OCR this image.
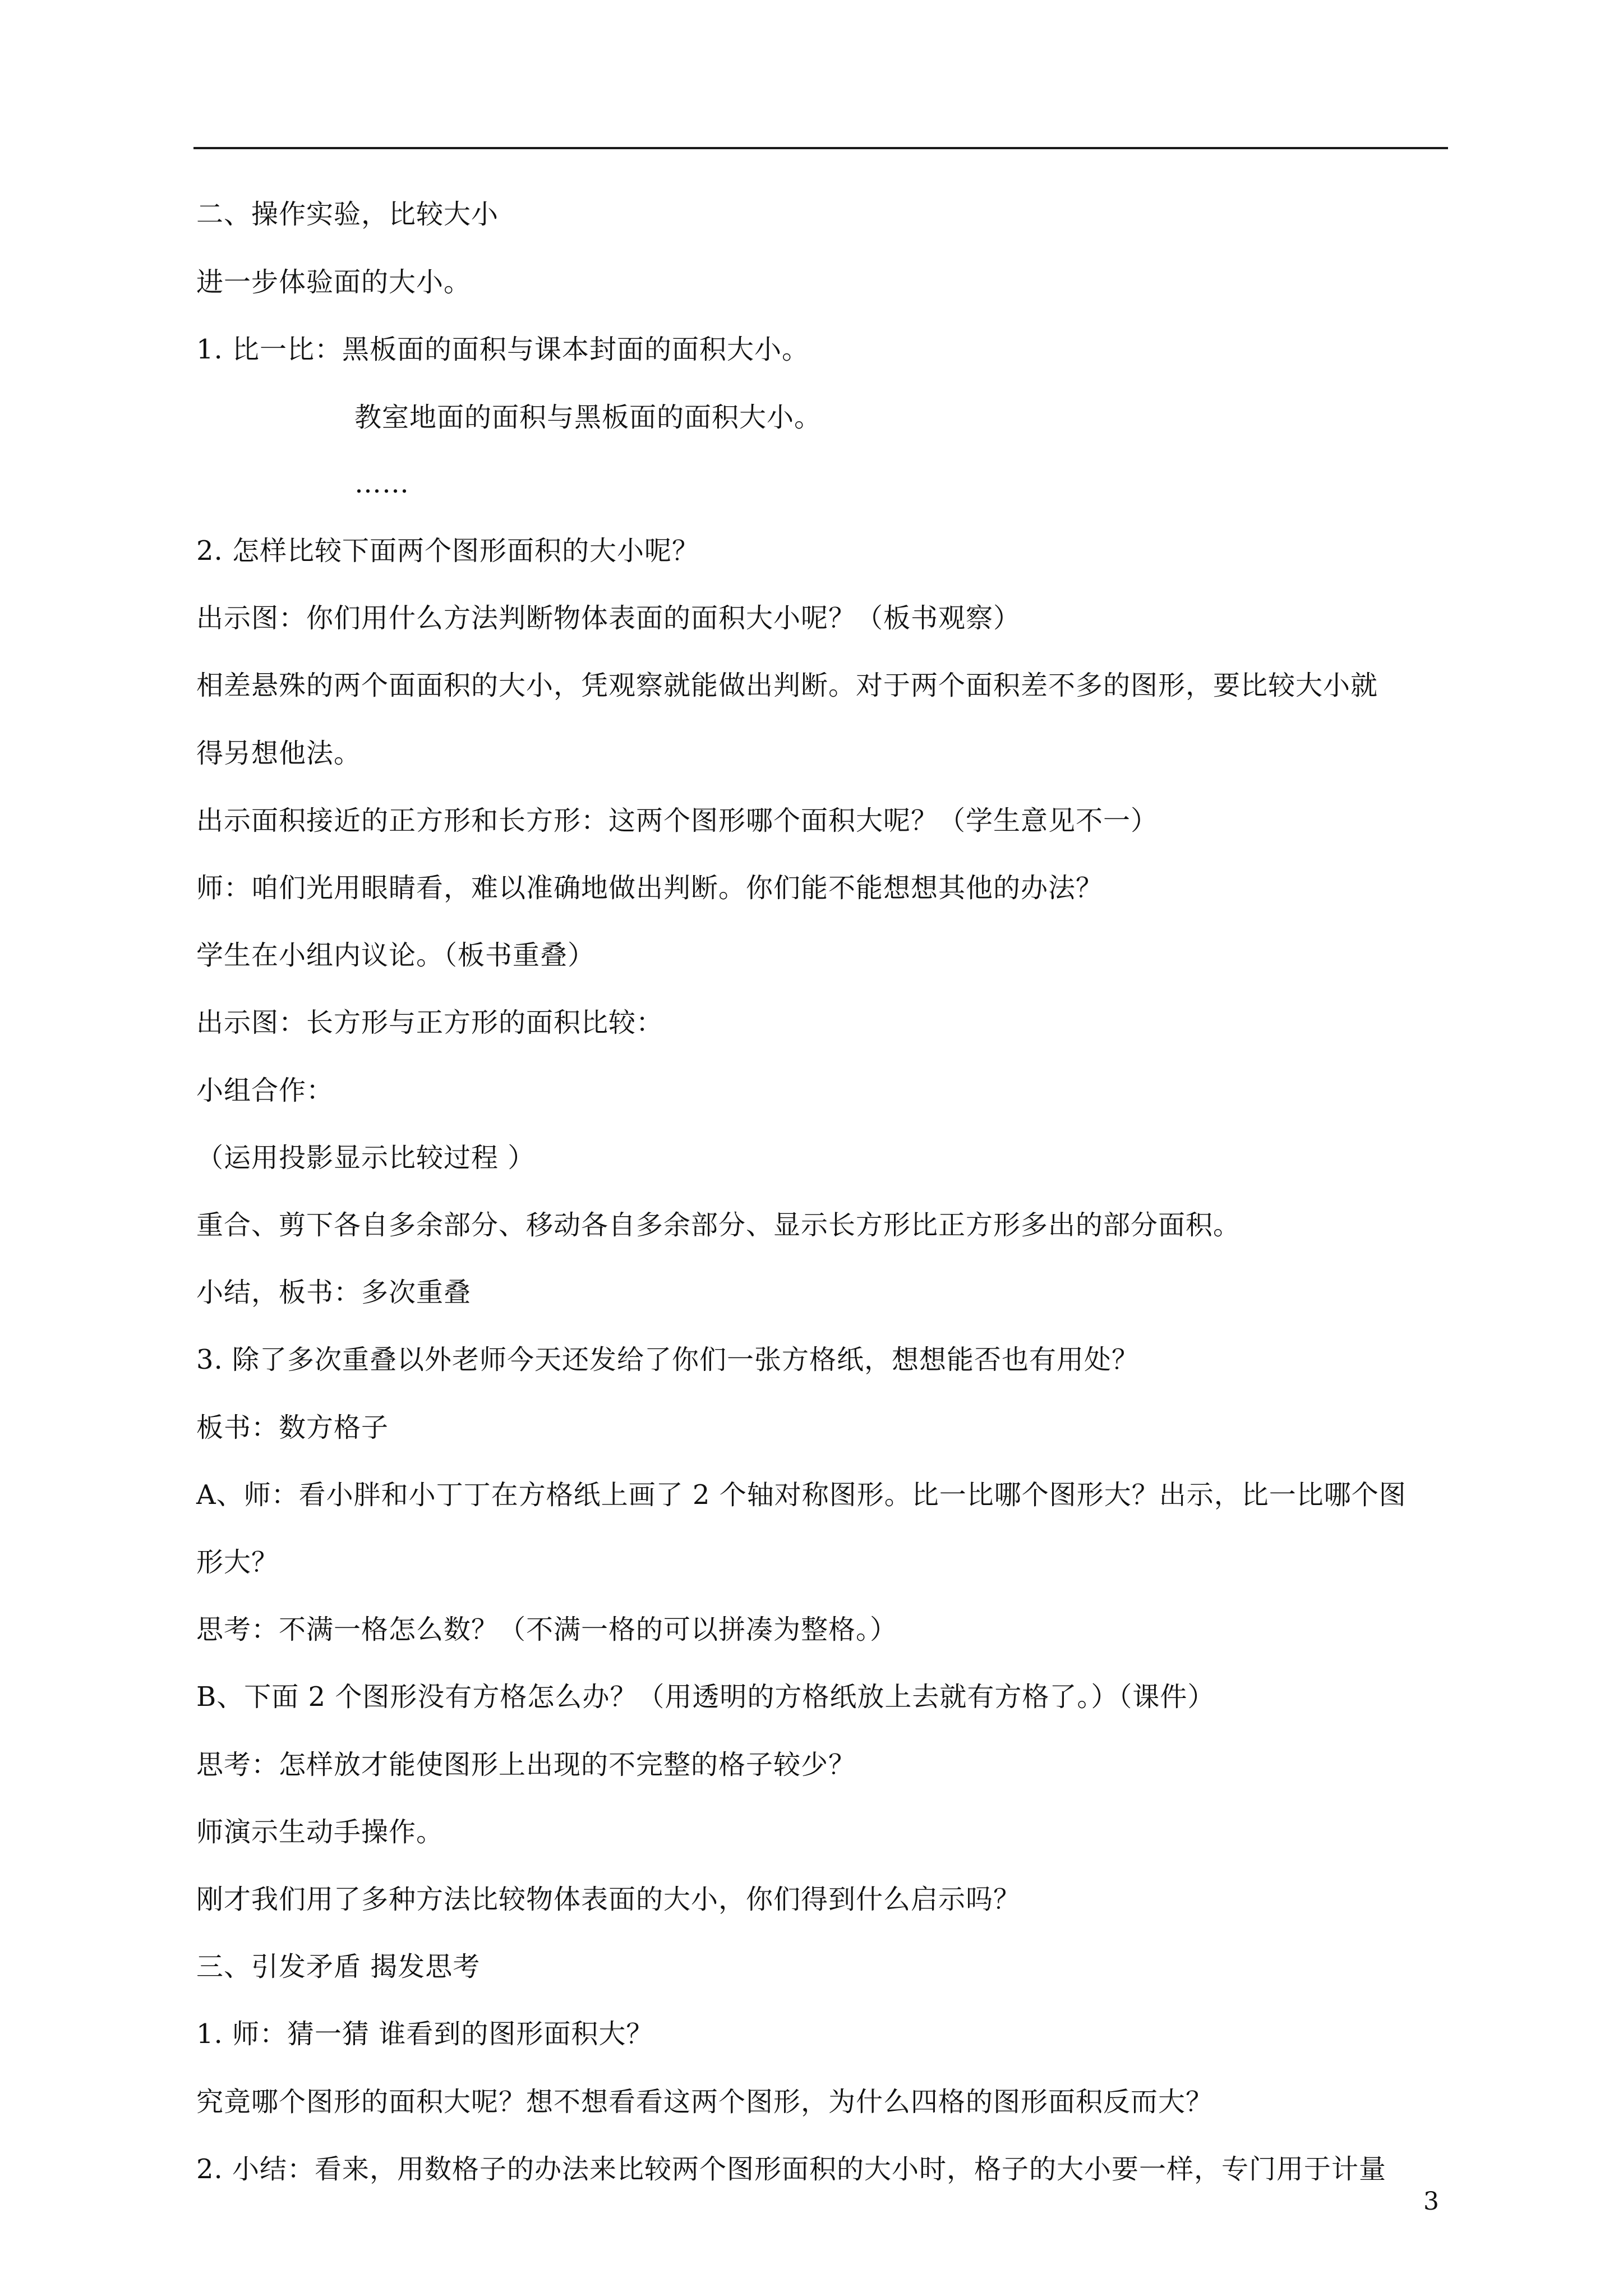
二、操作实验，比较大小
进一步体验面的大小。
1. 比一比：黑板面的面积与课本封面的面积大小。
教室地面的面积与黑板面的面积大小。
……
2. 怎样比较下面两个图形面积的大小呢？
出示图：你们用什么方法判断物体表面的面积大小呢？（板书观察）
相差悬殊的两个面面积的大小，凭观察就能做出判断。对于两个面积差不多的图形，要比较大小就
得另想他法。
出示面积接近的正方形和长方形：这两个图形哪个面积大呢？（学生意见不一）
师：咱们光用眼睛看，难以准确地做出判断。你们能不能想想其他的办法？
学生在小组内议论。（板书重叠）
出示图：长方形与正方形的面积比较：
小组合作：
（运用投影显示比较过程 ）
重合、剪下各自多余部分、移动各自多余部分、显示长方形比正方形多出的部分面积。
小结，板书：多次重叠
3. 除了多次重叠以外老师今天还发给了你们一张方格纸，想想能否也有用处？
板书：数方格子
A、师：看小胖和小丁丁在方格纸上画了 2 个轴对称图形。比一比哪个图形大？出示，比一比哪个图
形大？
思考：不满一格怎么数？（不满一格的可以拼凑为整格。）
B、下面 2 个图形没有方格怎么办？（用透明的方格纸放上去就有方格了。）（课件）
思考：怎样放才能使图形上出现的不完整的格子较少？
师演示生动手操作。
刚才我们用了多种方法比较物体表面的大小，你们得到什么启示吗？
三、引发矛盾 揭发思考
1. 师：猜一猜 谁看到的图形面积大？
究竟哪个图形的面积大呢？想不想看看这两个图形，为什么四格的图形面积反而大？
2. 小结：看来，用数格子的办法来比较两个图形面积的大小时，格子的大小要一样，专门用于计量
3
